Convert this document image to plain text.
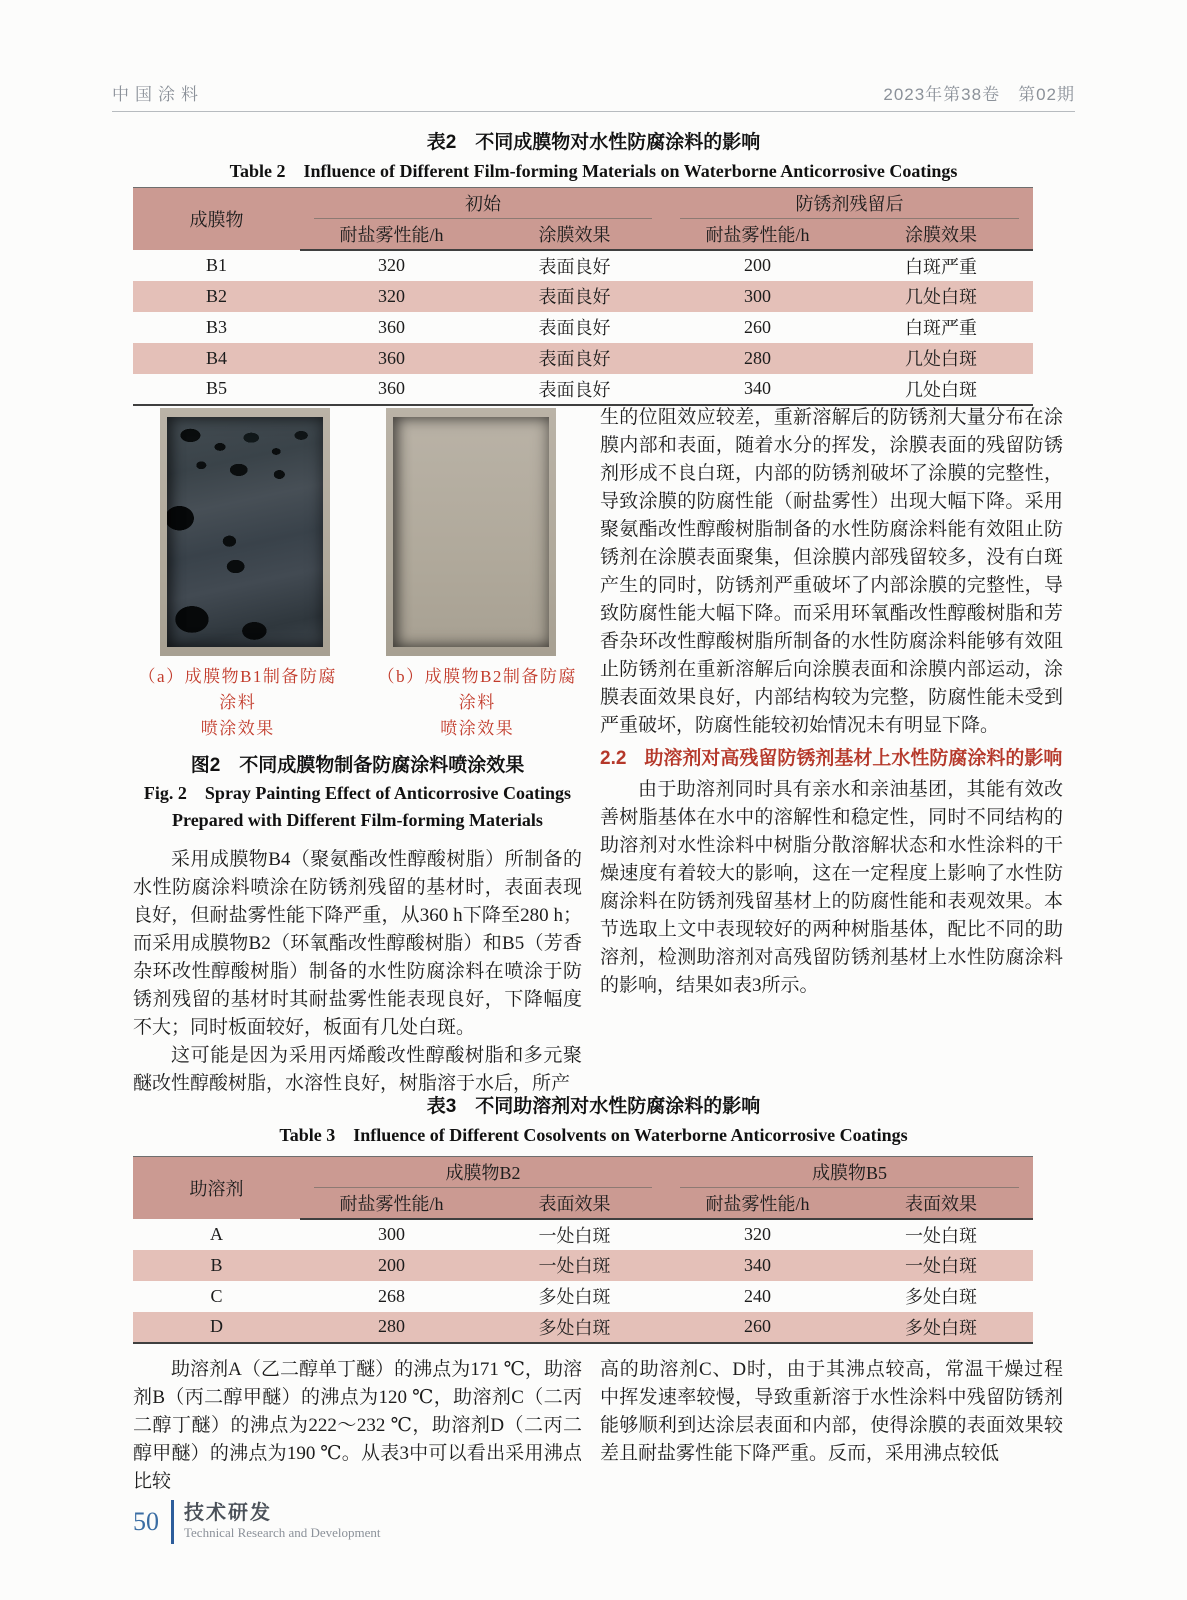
中国涂料	2023年第38卷　第02期
表2　不同成膜物对水性防腐涂料的影响
Table 2　Influence of Different Film-forming Materials on Waterborne Anticorrosive Coatings
成膜物	初始		防锈剂残留后	
	耐盐雾性能/h	涂膜效果	耐盐雾性能/h	涂膜效果
B1	320	表面良好	200	白斑严重
B2	320	表面良好	300	几处白斑
B3	360	表面良好	260	白斑严重
B4	360	表面良好	280	几处白斑
B5	360	表面良好	340	几处白斑
（a）成膜物B1制备防腐涂料
喷涂效果
（b）成膜物B2制备防腐涂料
喷涂效果
图2　不同成膜物制备防腐涂料喷涂效果
Fig. 2　Spray Painting Effect of Anticorrosive Coatings
Prepared with Different Film-forming Materials

采用成膜物B4（聚氨酯改性醇酸树脂）所制备的水性防腐涂料喷涂在防锈剂残留的基材时，表面表现良好，但耐盐雾性能下降严重，从360 h下降至280 h；而采用成膜物B2（环氧酯改性醇酸树脂）和B5（芳香杂环改性醇酸树脂）制备的水性防腐涂料在喷涂于防锈剂残留的基材时其耐盐雾性能表现良好，下降幅度不大；同时板面较好，板面有几处白斑。

这可能是因为采用丙烯酸改性醇酸树脂和多元聚醚改性醇酸树脂，水溶性良好，树脂溶于水后，所产

生的位阻效应较差，重新溶解后的防锈剂大量分布在涂膜内部和表面，随着水分的挥发，涂膜表面的残留防锈剂形成不良白斑，内部的防锈剂破坏了涂膜的完整性，导致涂膜的防腐性能（耐盐雾性）出现大幅下降。采用聚氨酯改性醇酸树脂制备的水性防腐涂料能有效阻止防锈剂在涂膜表面聚集，但涂膜内部残留较多，没有白斑产生的同时，防锈剂严重破坏了内部涂膜的完整性，导致防腐性能大幅下降。而采用环氧酯改性醇酸树脂和芳香杂环改性醇酸树脂所制备的水性防腐涂料能够有效阻止防锈剂在重新溶解后向涂膜表面和涂膜内部运动，涂膜表面效果良好，内部结构较为完整，防腐性能未受到严重破坏，防腐性能较初始情况未有明显下降。

2.2 助溶剂对高残留防锈剂基材上水性防腐涂料的影响

由于助溶剂同时具有亲水和亲油基团，其能有效改善树脂基体在水中的溶解性和稳定性，同时不同结构的助溶剂对水性涂料中树脂分散溶解状态和水性涂料的干燥速度有着较大的影响，这在一定程度上影响了水性防腐涂料在防锈剂残留基材上的防腐性能和表观效果。本节选取上文中表现较好的两种树脂基体，配比不同的助溶剂，检测助溶剂对高残留防锈剂基材上水性防腐涂料的影响，结果如表3所示。

表3　不同助溶剂对水性防腐涂料的影响
Table 3　Influence of Different Cosolvents on Waterborne Anticorrosive Coatings
助溶剂	成膜物B2		成膜物B5	
	耐盐雾性能/h	表面效果	耐盐雾性能/h	表面效果
A	300	一处白斑	320	一处白斑
B	200	一处白斑	340	一处白斑
C	268	多处白斑	240	多处白斑
D	280	多处白斑	260	多处白斑

助溶剂A（乙二醇单丁醚）的沸点为171 ℃，助溶剂B（丙二醇甲醚）的沸点为120 ℃，助溶剂C（二丙二醇丁醚）的沸点为222～232 ℃，助溶剂D（二丙二醇甲醚）的沸点为190 ℃。从表3中可以看出采用沸点比较

高的助溶剂C、D时，由于其沸点较高，常温干燥过程中挥发速率较慢，导致重新溶于水性涂料中残留防锈剂能够顺利到达涂层表面和内部，使得涂膜的表面效果较差且耐盐雾性能下降严重。反而，采用沸点较低

50 技术研发
Technical Research and Development
